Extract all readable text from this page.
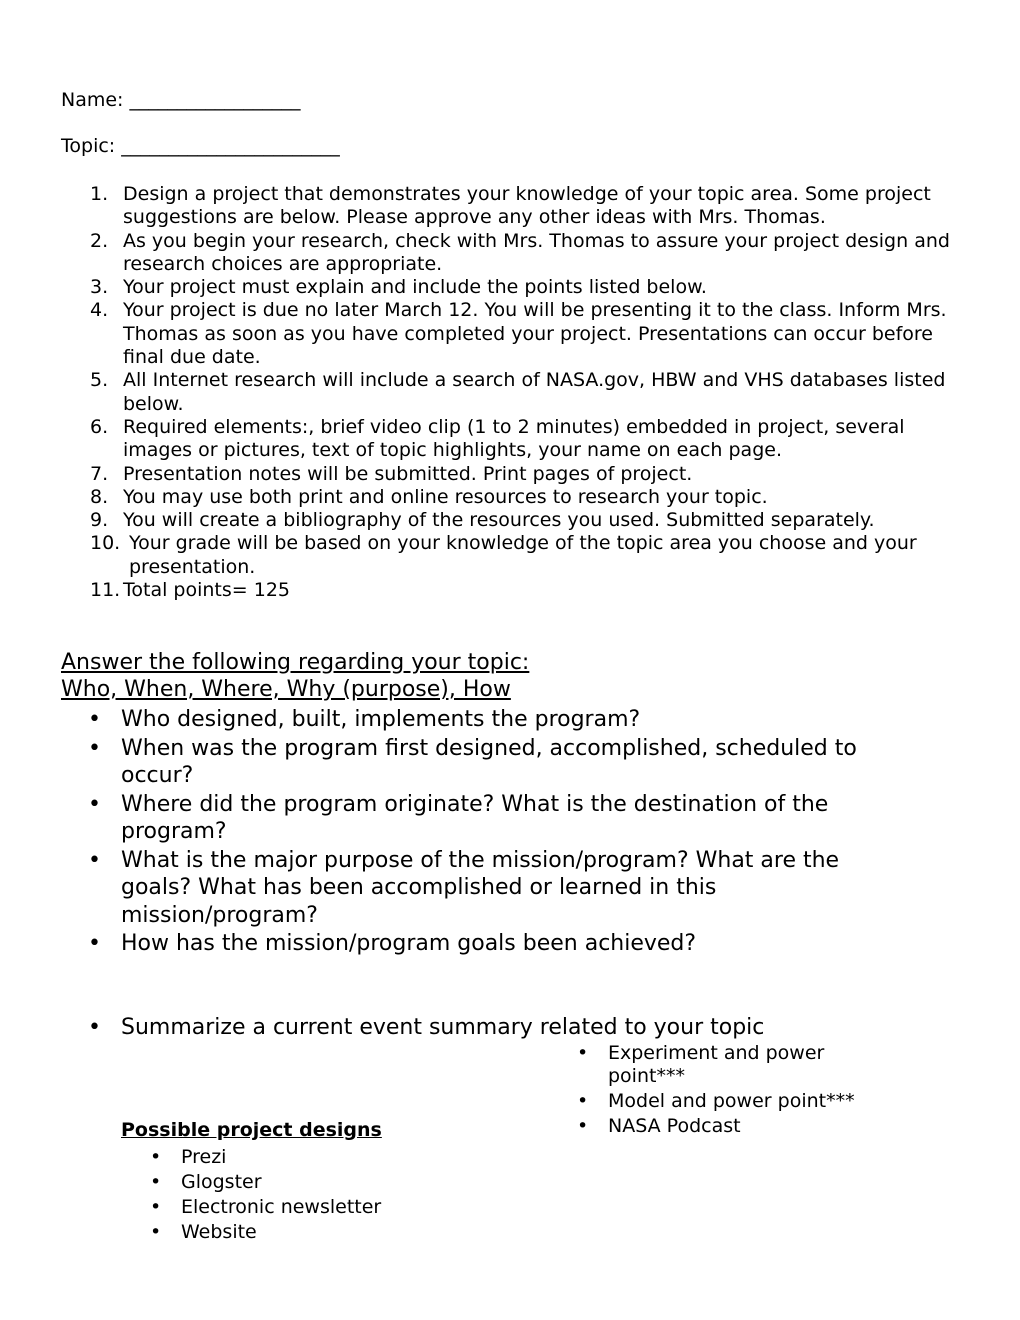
Name: __________________
Topic: _______________________
1. Design a project that demonstrates your knowledge of your topic area. Some project suggestions are below. Please approve any other ideas with Mrs. Thomas.
2. As you begin your research, check with Mrs. Thomas to assure your project design and research choices are appropriate.
3. Your project must explain and include the points listed below.
4. Your project is due no later March 12. You will be presenting it to the class. Inform Mrs. Thomas as soon as you have completed your project. Presentations can occur before final due date.
5. All Internet research will include a search of NASA.gov, HBW and VHS databases listed below.
6. Required elements:, brief video clip (1 to 2 minutes) embedded in project, several images or pictures, text of topic highlights, your name on each page.
7. Presentation notes will be submitted. Print pages of project.
8. You may use both print and online resources to research your topic.
9. You will create a bibliography of the resources you used. Submitted separately.
10. Your grade will be based on your knowledge of the topic area you choose and your presentation.
11. Total points= 125
Answer the following regarding your topic:
Who, When, Where, Why (purpose), How
• Who designed, built, implements the program?
• When was the program first designed, accomplished, scheduled to occur?
• Where did the program originate? What is the destination of the program?
• What is the major purpose of the mission/program? What are the goals? What has been accomplished or learned in this mission/program?
• How has the mission/program goals been achieved?
• Summarize a current event summary related to your topic
• Experiment and power point***
• Model and power point***
• NASA Podcast
Possible project designs
• Prezi
• Glogster
• Electronic newsletter
• Website
